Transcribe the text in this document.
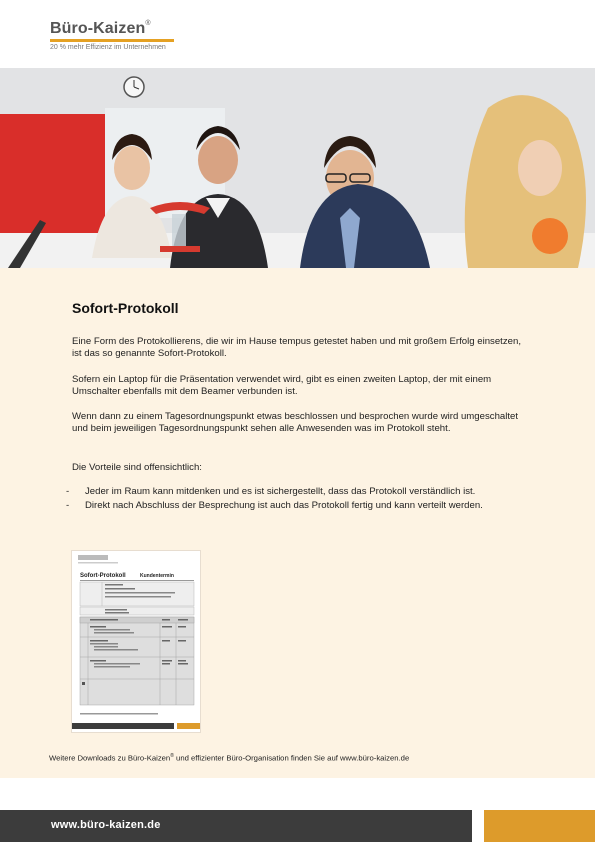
Büro-Kaizen®
20 % mehr Effizienz im Unternehmen
Sofort-Protokoll
Eine Form des Protokollierens, die wir im Hause tempus getestet haben und mit großem Erfolg einsetzen, ist das so genannte Sofort-Protokoll.
Sofern ein Laptop für die Präsentation verwendet wird, gibt es einen zweiten Laptop, der mit einem Umschalter ebenfalls mit dem Beamer verbunden ist.
Wenn dann zu einem Tagesordnungspunkt etwas beschlossen und besprochen wurde wird umgeschaltet und beim jeweiligen Tagesordnungspunkt sehen alle Anwesenden was im Protokoll steht.
Die Vorteile sind offensichtlich:
- Jeder im Raum kann mitdenken und es ist sichergestellt, dass das Protokoll verständlich ist.
- Direkt nach Abschluss der Besprechung ist auch das Protokoll fertig und kann verteilt werden.
Sofort-Protokoll	Kundentermin
Weitere Downloads zu Büro-Kaizen® und effizienter Büro-Organisation finden Sie auf www.büro-kaizen.de
www.büro-kaizen.de
